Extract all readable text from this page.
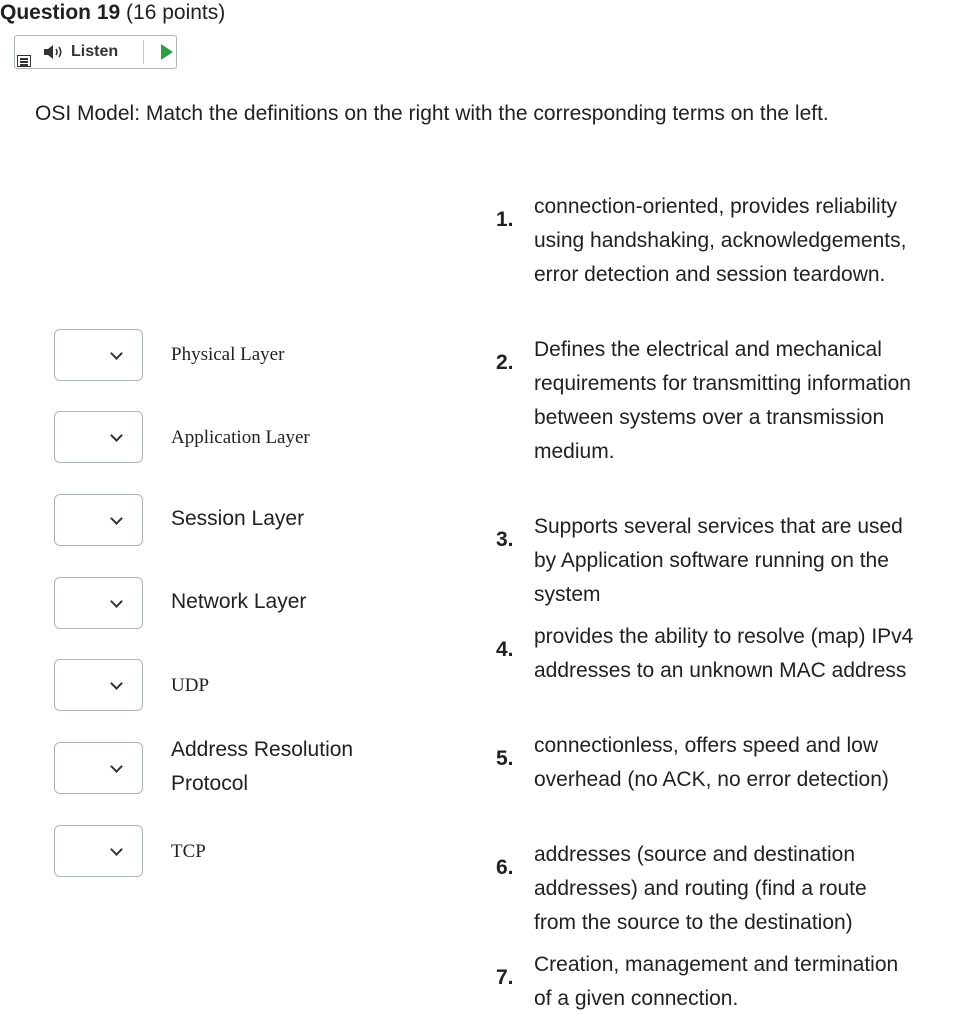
Question 19 (16 points)
Listen
OSI Model: Match the definitions on the right with the corresponding terms on the left.
Physical Layer
Application Layer
Session Layer
Network Layer
UDP
Address Resolution Protocol
TCP
1.
connection-oriented, provides reliability using handshaking, acknowledgements, error detection and session teardown.
2.
Defines the electrical and mechanical requirements for transmitting information between systems over a transmission medium.
3.
Supports several services that are used by Application software running on the system
4.
provides the ability to resolve (map) IPv4 addresses to an unknown MAC address
5.
connectionless, offers speed and low overhead (no ACK, no error detection)
6.
addresses (source and destination addresses) and routing (find a route from the source to the destination)
7.
Creation, management and termination of a given connection.
